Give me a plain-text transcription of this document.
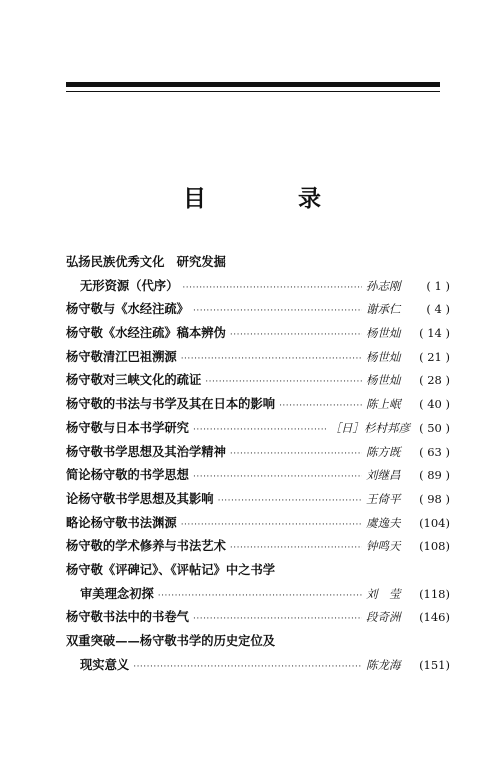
目 录
弘扬民族优秀文化　研究发掘
无形资源（代序） ·····	孙志刚	( 1 )
杨守敬与《水经注疏》 ·····	谢承仁	( 4 )
杨守敬《水经注疏》稿本辨伪 ·····	杨世灿	( 14 )
杨守敬清江巴祖溯源 ·····	杨世灿	( 21 )
杨守敬对三峡文化的疏证 ·····	杨世灿	( 28 )
杨守敬的书法与书学及其在日本的影响 ·····	陈上岷	( 40 )
杨守敬与日本书学研究 ·····	［日］杉村邦彦 ( 50 )
杨守敬书学思想及其治学精神 ·····	陈方既	( 63 )
简论杨守敬的书学思想 ·····	刘继昌	( 89 )
论杨守敬书学思想及其影响 ·····	王倚平	( 98 )
略论杨守敬书法渊源 ·····	虞逸夫	(104)
杨守敬的学术修养与书法艺术 ·····	钟鸣天	(108)
杨守敬《评碑记》、《评帖记》中之书学
审美理念初探 ·····	刘　莹	(118)
杨守敬书法中的书卷气 ·····	段奇洲	(146)
双重突破——杨守敬书学的历史定位及
现实意义 ·····	陈龙海	(151)
